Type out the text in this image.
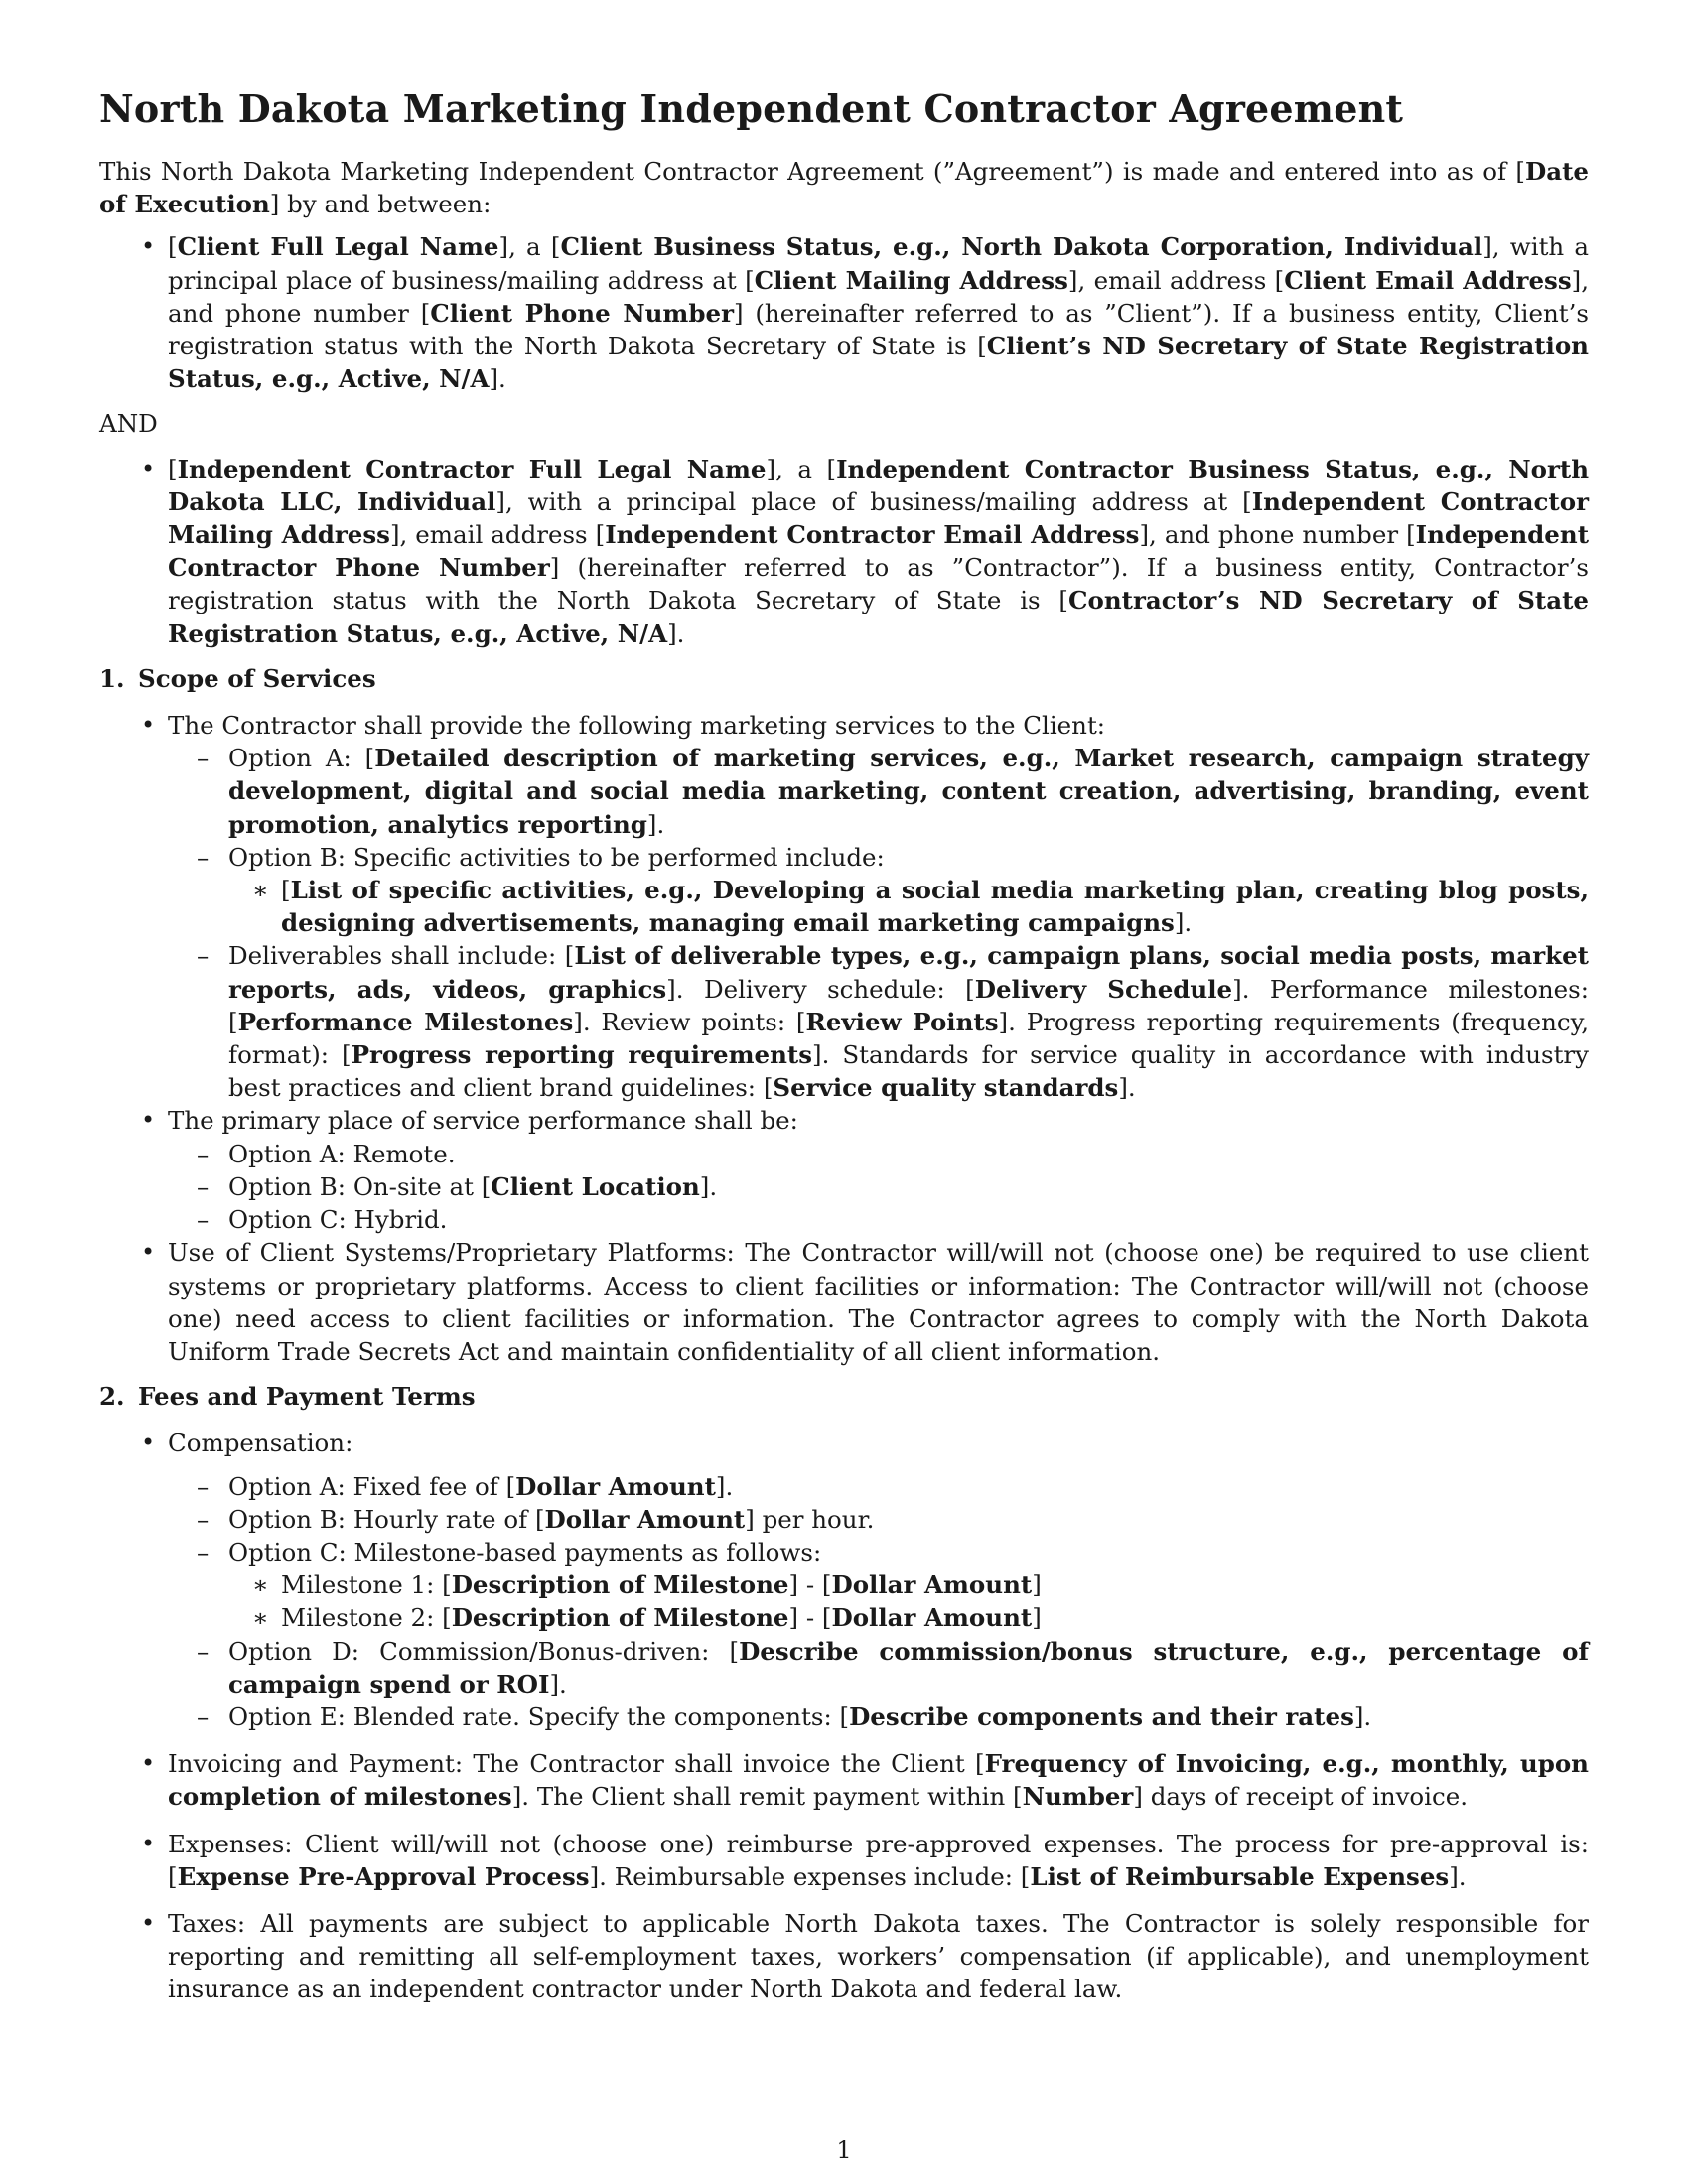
North Dakota Marketing Independent Contractor Agreement

This North Dakota Marketing Independent Contractor Agreement (”Agreement”) is made and entered into as of [Date of Execution] by and between:

• [Client Full Legal Name], a [Client Business Status, e.g., North Dakota Corporation, Individual], with a principal place of business/mailing address at [Client Mailing Address], email address [Client Email Address], and phone number [Client Phone Number] (hereinafter referred to as ”Client”). If a business entity, Client’s registration status with the North Dakota Secretary of State is [Client’s ND Secretary of State Registration Status, e.g., Active, N/A].

AND

• [Independent Contractor Full Legal Name], a [Independent Contractor Business Status, e.g., North Dakota LLC, Individual], with a principal place of business/mailing address at [Independent Contractor Mailing Address], email address [Independent Contractor Email Address], and phone number [Independent Contractor Phone Number] (hereinafter referred to as ”Contractor”). If a business entity, Contractor’s registration status with the North Dakota Secretary of State is [Contractor’s ND Secretary of State Registration Status, e.g., Active, N/A].

1. Scope of Services

• The Contractor shall provide the following marketing services to the Client:
– Option A: [Detailed description of marketing services, e.g., Market research, campaign strategy development, digital and social media marketing, content creation, advertising, branding, event promotion, analytics reporting].
– Option B: Specific activities to be performed include:
∗ [List of specific activities, e.g., Developing a social media marketing plan, creating blog posts, designing advertisements, managing email marketing campaigns].
– Deliverables shall include: [List of deliverable types, e.g., campaign plans, social media posts, market reports, ads, videos, graphics]. Delivery schedule: [Delivery Schedule]. Performance milestones: [Performance Milestones]. Review points: [Review Points]. Progress reporting requirements (frequency, format): [Progress reporting requirements]. Standards for service quality in accordance with industry best practices and client brand guidelines: [Service quality standards].
• The primary place of service performance shall be:
– Option A: Remote.
– Option B: On-site at [Client Location].
– Option C: Hybrid.
• Use of Client Systems/Proprietary Platforms: The Contractor will/will not (choose one) be required to use client systems or proprietary platforms. Access to client facilities or information: The Contractor will/will not (choose one) need access to client facilities or information. The Contractor agrees to comply with the North Dakota Uniform Trade Secrets Act and maintain confidentiality of all client information.

2. Fees and Payment Terms

• Compensation:
– Option A: Fixed fee of [Dollar Amount].
– Option B: Hourly rate of [Dollar Amount] per hour.
– Option C: Milestone-based payments as follows:
∗ Milestone 1: [Description of Milestone] - [Dollar Amount]
∗ Milestone 2: [Description of Milestone] - [Dollar Amount]
– Option D: Commission/Bonus-driven: [Describe commission/bonus structure, e.g., percentage of campaign spend or ROI].
– Option E: Blended rate. Specify the components: [Describe components and their rates].
• Invoicing and Payment: The Contractor shall invoice the Client [Frequency of Invoicing, e.g., monthly, upon completion of milestones]. The Client shall remit payment within [Number] days of receipt of invoice.
• Expenses: Client will/will not (choose one) reimburse pre-approved expenses. The process for pre-approval is: [Expense Pre-Approval Process]. Reimbursable expenses include: [List of Reimbursable Expenses].
• Taxes: All payments are subject to applicable North Dakota taxes. The Contractor is solely responsible for reporting and remitting all self-employment taxes, workers’ compensation (if applicable), and unemployment insurance as an independent contractor under North Dakota and federal law.
1
